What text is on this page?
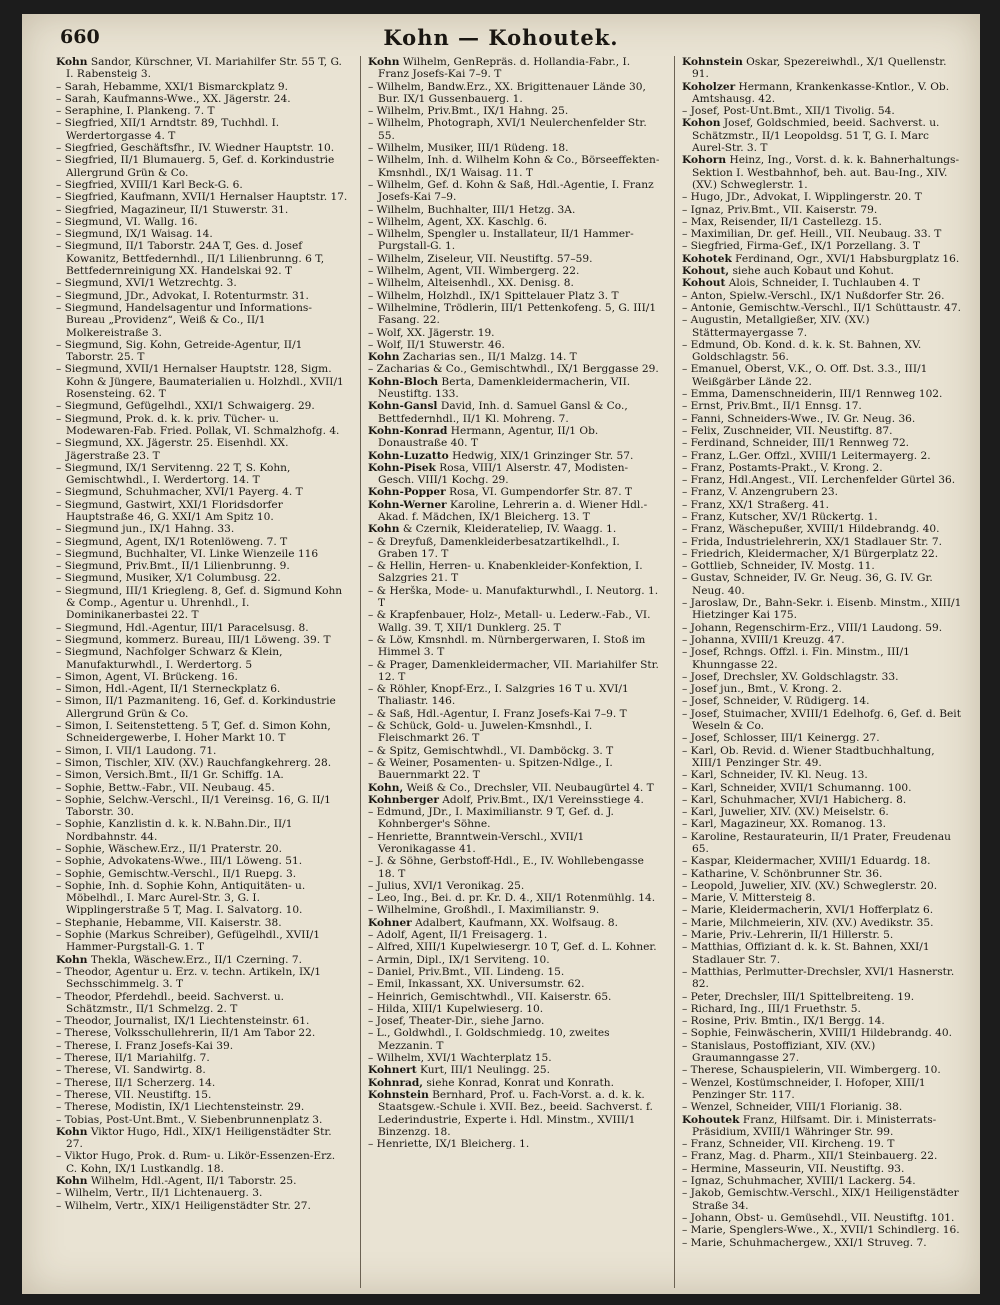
660	Kohn — Kohoutek.

Kohn Sandor, Kürschner, VI. Mariahilfer Str. 55 T, G. I. Rabensteig 3.

– Sarah, Hebamme, XXI/1 Bismarckplatz 9.

– Sarah, Kaufmanns-Wwe., XX. Jägerstr. 24.

– Seraphine, I. Plankeng. 7. T

– Siegfried, XII/1 Arndtstr. 89, Tuchhdl. I. Werdertorgasse 4. T

– Siegfried, Geschäftsfhr., IV. Wiedner Hauptstr. 10.

– Siegfried, II/1 Blumauerg. 5, Gef. d. Korkindustrie Allergrund Grün & Co.

– Siegfried, XVIII/1 Karl Beck-G. 6.

– Siegfried, Kaufmann, XVII/1 Hernalser Hauptstr. 17.

– Siegfried, Magazineur, II/1 Stuwerstr. 31.

– Siegmund, VI. Wallg. 16.

– Siegmund, IX/1 Waisag. 14.

– Siegmund, II/1 Taborstr. 24A T, Ges. d. Josef Kowanitz, Bettfedernhdl., II/1 Lilienbrunng. 6 T, Bettfedernreinigung XX. Handelskai 92. T

– Siegmund, XVI/1 Wetzrechtg. 3.

– Siegmund, JDr., Advokat, I. Rotenturmstr. 31.

– Siegmund, Handelsagentur und Informations-Bureau „Providenz“, Weiß & Co., II/1 Molkereistraße 3.

– Siegmund, Sig. Kohn, Getreide-Agentur, II/1 Taborstr. 25. T

– Siegmund, XVII/1 Hernalser Hauptstr. 128, Sigm. Kohn & Jüngere, Baumaterialien u. Holzhdl., XVII/1 Rosensteing. 62. T

– Siegmund, Gefügelhdl., XXI/1 Schwaigerg. 29.

– Siegmund, Prok. d. k. k. priv. Tücher- u. Modewaren-Fab. Fried. Pollak, VI. Schmalzhofg. 4.

– Siegmund, XX. Jägerstr. 25. Eisenhdl. XX. Jägerstraße 23. T

– Siegmund, IX/1 Servitenng. 22 T, S. Kohn, Gemischtwhdl., I. Werdertorg. 14. T

– Siegmund, Schuhmacher, XVI/1 Payerg. 4. T

– Siegmund, Gastwirt, XXI/1 Floridsdorfer Hauptstraße 46, G. XXI/1 Am Spitz 10.

– Siegmund jun., IX/1 Hahng. 33.

– Siegmund, Agent, IX/1 Rotenlöweng. 7. T

– Siegmund, Buchhalter, VI. Linke Wienzeile 116

– Siegmund, Priv.Bmt., II/1 Lilienbrunng. 9.

– Siegmund, Musiker, X/1 Columbusg. 22.

– Siegmund, III/1 Kriegleng. 8, Gef. d. Sigmund Kohn & Comp., Agentur u. Uhrenhdl., I. Dominikanerbastei 22. T

– Siegmund, Hdl.-Agentur, III/1 Paracelsusg. 8.

– Siegmund, kommerz. Bureau, III/1 Löweng. 39. T

– Siegmund, Nachfolger Schwarz & Klein, Manufakturwhdl., I. Werdertorg. 5

– Simon, Agent, VI. Brückeng. 16.

– Simon, Hdl.-Agent, II/1 Sterneckplatz 6.

– Simon, II/1 Pazmaniteng. 16, Gef. d. Korkindustrie Allergrund Grün & Co.

– Simon, I. Seitenstetteng. 5 T, Gef. d. Simon Kohn, Schneidergewerbe, I. Hoher Markt 10. T

– Simon, I. VII/1 Laudong. 71.

– Simon, Tischler, XIV. (XV.) Rauchfangkehrerg. 28.

– Simon, Versich.Bmt., II/1 Gr. Schiffg. 1A.

– Sophie, Bettw.-Fabr., VII. Neubaug. 45.

– Sophie, Selchw.-Verschl., II/1 Vereinsg. 16, G. II/1 Taborstr. 30.

– Sophie, Kanzlistin d. k. k. N.Bahn.Dir., II/1 Nordbahnstr. 44.

– Sophie, Wäschew.Erz., II/1 Praterstr. 20.

– Sophie, Advokatens-Wwe., III/1 Löweng. 51.

– Sophie, Gemischtw.-Verschl., II/1 Ruepg. 3.

– Sophie, Inh. d. Sophie Kohn, Antiquitäten- u. Möbelhdl., I. Marc Aurel-Str. 3, G. I. Wipplingerstraße 5 T, Mag. I. Salvatorg. 10.

– Stephanie, Hebamme, VII. Kaiserstr. 38.

– Sophie (Markus Schreiber), Gefügelhdl., XVII/1 Hammer-Purgstall-G. 1. T

Kohn Thekla, Wäschew.Erz., II/1 Czerning. 7.

– Theodor, Agentur u. Erz. v. techn. Artikeln, IX/1 Sechsschimmelg. 3. T

– Theodor, Pferdehdl., beeid. Sachverst. u. Schätzmstr., II/1 Schmelzg. 2. T

– Theodor, Journalist, IX/1 Liechtensteinstr. 61.

– Therese, Volksschullehrerin, II/1 Am Tabor 22.

– Therese, I. Franz Josefs-Kai 39.

– Therese, II/1 Mariahilfg. 7.

– Therese, VI. Sandwirtg. 8.

– Therese, II/1 Scherzerg. 14.

– Therese, VII. Neustiftg. 15.

– Therese, Modistin, IX/1 Liechtensteinstr. 29.

– Tobias, Post-Unt.Bmt., V. Siebenbrunnenplatz 3.

Kohn Viktor Hugo, Hdl., XIX/1 Heiligenstädter Str. 27.

– Viktor Hugo, Prok. d. Rum- u. Likör-Essenzen-Erz. C. Kohn, IX/1 Lustkandlg. 18.

Kohn Wilhelm, Hdl.-Agent, II/1 Taborstr. 25.

– Wilhelm, Vertr., II/1 Lichtenauerg. 3.

– Wilhelm, Vertr., XIX/1 Heiligenstädter Str. 27.

Kohn Wilhelm, GenRepräs. d. Hollandia-Fabr., I. Franz Josefs-Kai 7–9. T

– Wilhelm, Bandw.Erz., XX. Brigittenauer Lände 30, Bur. IX/1 Gussenbauerg. 1.

– Wilhelm, Priv.Bmt., IX/1 Hahng. 25.

– Wilhelm, Photograph, XVI/1 Neulerchenfelder Str. 55.

– Wilhelm, Musiker, III/1 Rüdeng. 18.

– Wilhelm, Inh. d. Wilhelm Kohn & Co., Börseeffekten-Kmsnhdl., IX/1 Waisag. 11. T

– Wilhelm, Gef. d. Kohn & Saß, Hdl.-Agentie, I. Franz Josefs-Kai 7–9.

– Wilhelm, Buchhalter, III/1 Hetzg. 3A.

– Wilhelm, Agent, XX. Kaschlg. 6.

– Wilhelm, Spengler u. Installateur, II/1 Hammer-Purgstall-G. 1.

– Wilhelm, Ziseleur, VII. Neustiftg. 57–59.

– Wilhelm, Agent, VII. Wimbergerg. 22.

– Wilhelm, Alteisenhdl., XX. Denisg. 8.

– Wilhelm, Holzhdl., IX/1 Spittelauer Platz 3. T

– Wilhelmine, Trödlerin, III/1 Pettenkofeng. 5, G. III/1 Fasang. 22.

– Wolf, XX. Jägerstr. 19.

– Wolf, II/1 Stuwerstr. 46.

Kohn Zacharias sen., II/1 Malzg. 14. T

– Zacharias & Co., Gemischtwhdl., IX/1 Berggasse 29.

Kohn-Bloch Berta, Damenkleidermacherin, VII. Neustiftg. 133.

Kohn-Gansl David, Inh. d. Samuel Gansl & Co., Bettfedernhdl., II/1 Kl. Mohreng. 7.

Kohn-Konrad Hermann, Agentur, II/1 Ob. Donaustraße 40. T

Kohn-Luzatto Hedwig, XIX/1 Grinzinger Str. 57.

Kohn-Pisek Rosa, VIII/1 Alserstr. 47, Modisten-Gesch. VIII/1 Kochg. 29.

Kohn-Popper Rosa, VI. Gumpendorfer Str. 87. T

Kohn-Werner Karoline, Lehrerin a. d. Wiener Hdl.-Akad. f. Mädchen, IX/1 Bleicherg. 13. T

Kohn & Czernik, Kleiderateliер, IV. Waagg. 1.

– & Dreyfuß, Damenkleiderbesatzartikelhdl., I. Graben 17. T

– & Hellin, Herren- u. Knabenkleider-Konfektion, I. Salzgries 21. T

– & Herška, Mode- u. Manufakturwhdl., I. Neutorg. 1. T

– & Krapfenbauer, Holz-, Metall- u. Lederw.-Fab., VI. Wallg. 39. T, XII/1 Dunklerg. 25. T

– & Löw, Kmsnhdl. m. Nürnbergerwaren, I. Stoß im Himmel 3. T

– & Prager, Damenkleidermacher, VII. Mariahilfer Str. 12. T

– & Röhler, Knopf-Erz., I. Salzgries 16 T u. XVI/1 Thaliastr. 146.

– & Saß, Hdl.-Agentur, I. Franz Josefs-Kai 7–9. T

– & Schück, Gold- u. Juwelen-Kmsnhdl., I. Fleischmarkt 26. T

– & Spitz, Gemischtwhdl., VI. Damböckg. 3. T

– & Weiner, Posamenten- u. Spitzen-Ndlge., I. Bauernmarkt 22. T

Kohn, Weiß & Co., Drechsler, VII. Neubaugürtel 4. T

Kohnberger Adolf, Priv.Bmt., IX/1 Vereinsstiege 4.

– Edmund, JDr., I. Maximilianstr. 9 T, Gef. d. J. Kohnberger's Söhne.

– Henriette, Branntwein-Verschl., XVII/1 Veronikagasse 41.

– J. & Söhne, Gerbstoff-Hdl., E., IV. Wohllebengasse 18. T

– Julius, XVI/1 Veronikag. 25.

– Leo, Ing., Bei. d. pr. Kr. D. 4., XII/1 Rotenmühlg. 14.

– Wilhelmine, Großhdl., I. Maximilianstr. 9.

Kohner Adalbert, Kaufmann, XX. Wolfsaug. 8.

– Adolf, Agent, II/1 Freisagerg. 1.

– Alfred, XIII/1 Kupelwiesergr. 10 T, Gef. d. L. Kohner.

– Armin, Dipl., IX/1 Serviteng. 10.

– Daniel, Priv.Bmt., VII. Lindeng. 15.

– Emil, Inkassant, XX. Universumstr. 62.

– Heinrich, Gemischtwhdl., VII. Kaiserstr. 65.

– Hilda, XIII/1 Kupelwieserg. 10.

– Josef, Theater-Dir., siehe Jarno.

– L., Goldwhdl., I. Goldschmiedg. 10, zweites Mezzanin. T

– Wilhelm, XVI/1 Wachterplatz 15.

Kohnert Kurt, III/1 Neulingg. 25.

Kohnrad, siehe Konrad, Konrat und Konrath.

Kohnstein Bernhard, Prof. u. Fach-Vorst. a. d. k. k. Staatsgew.-Schule i. XVII. Bez., beeid. Sachverst. f. Lederindustrie, Experte i. Hdl. Minstm., XVIII/1 Binzenzg. 18.

– Henriette, IX/1 Bleicherg. 1.

Kohnstein Oskar, Spezereiwhdl., X/1 Quellenstr. 91.

Koholzer Hermann, Krankenkasse-Kntlor., V. Ob. Amtshausg. 42.

– Josef, Post-Unt.Bmt., XII/1 Tivolig. 54.

Kohon Josef, Goldschmied, beeid. Sachverst. u. Schätzmstr., II/1 Leopoldsg. 51 T, G. I. Marc Aurel-Str. 3. T

Kohorn Heinz, Ing., Vorst. d. k. k. Bahnerhaltungs-Sektion I. Westbahnhof, beh. aut. Bau-Ing., XIV. (XV.) Schweglerstr. 1.

– Hugo, JDr., Advokat, I. Wipplingerstr. 20. T

– Ignaz, Priv.Bmt., VII. Kaiserstr. 79.

– Max, Reisender, II/1 Castellezg. 15.

– Maximilian, Dr. gef. Heill., VII. Neubaug. 33. T

– Siegfried, Firma-Gef., IX/1 Porzellang. 3. T

Kohotek Ferdinand, Ogr., XVI/1 Habsburgplatz 16.

Kohout, siehe auch Kobaut und Kohut.

Kohout Alois, Schneider, I. Tuchlauben 4. T

– Anton, Spielw.-Verschl., IX/1 Nußdorfer Str. 26.

– Antonie, Gemischtw.-Verschl., II/1 Schüttaustr. 47.

– Augustin, Metallgießer, XIV. (XV.) Stättermayergasse 7.

– Edmund, Ob. Kond. d. k. k. St. Bahnen, XV. Goldschlagstr. 56.

– Emanuel, Oberst, V.K., O. Off. Dst. 3.3., III/1 Weißgärber Lände 22.

– Emma, Damenschneiderin, III/1 Rennweg 102.

– Ernst, Priv.Bmt., II/1 Ennsg. 17.

– Fanni, Schneiders-Wwe., IV. Gr. Neug. 36.

– Felix, Zuschneider, VII. Neustiftg. 87.

– Ferdinand, Schneider, III/1 Rennweg 72.

– Franz, L.Ger. Offzl., XVIII/1 Leitermayerg. 2.

– Franz, Postamts-Prakt., V. Krong. 2.

– Franz, Hdl.Angest., VII. Lerchenfelder Gürtel 36.

– Franz, V. Anzengrubern 23.

– Franz, XX/1 Straßerg. 41.

– Franz, Kutscher, XV/1 Rückertg. 1.

– Franz, Wäschepußer, XVIII/1 Hildebrandg. 40.

– Frida, Industrielehrerin, XX/1 Stadlauer Str. 7.

– Friedrich, Kleidermacher, X/1 Bürgerplatz 22.

– Gottlieb, Schneider, IV. Mostg. 11.

– Gustav, Schneider, IV. Gr. Neug. 36, G. IV. Gr. Neug. 40.

– Jaroslaw, Dr., Bahn-Sekr. i. Eisenb. Minstm., XIII/1 Hietzinger Kai 175.

– Johann, Regenschirm-Erz., VIII/1 Laudong. 59.

– Johanna, XVIII/1 Kreuzg. 47.

– Josef, Rchngs. Offzl. i. Fin. Minstm., III/1 Khunngasse 22.

– Josef, Drechsler, XV. Goldschlagstr. 33.

– Josef jun., Bmt., V. Krong. 2.

– Josef, Schneider, V. Rüdigerg. 14.

– Josef, Stuimacher, XVIII/1 Edelhofg. 6, Gef. d. Beit Weseln & Co.

– Josef, Schlosser, III/1 Keinergg. 27.

– Karl, Ob. Revid. d. Wiener Stadtbuchhaltung, XIII/1 Penzinger Str. 49.

– Karl, Schneider, IV. Kl. Neug. 13.

– Karl, Schneider, XVII/1 Schumanng. 100.

– Karl, Schuhmacher, XVI/1 Habicherg. 8.

– Karl, Juwelier, XIV. (XV.) Meiselstr. 6.

– Karl, Magazineur, XX. Romanog. 13.

– Karoline, Restaurateurin, II/1 Prater, Freudenau 65.

– Kaspar, Kleidermacher, XVIII/1 Eduardg. 18.

– Katharine, V. Schönbrunner Str. 36.

– Leopold, Juwelier, XIV. (XV.) Schweglerstr. 20.

– Marie, V. Mittersteig 8.

– Marie, Kleidermacherin, XVI/1 Hofferplatz 6.

– Marie, Milchmeierin, XIV. (XV.) Avedikstr. 35.

– Marie, Priv.-Lehrerin, II/1 Hillerstr. 5.

– Matthias, Offiziant d. k. k. St. Bahnen, XXI/1 Stadlauer Str. 7.

– Matthias, Perlmutter-Drechsler, XVI/1 Hasnerstr. 82.

– Peter, Drechsler, III/1 Spittelbreiteng. 19.

– Richard, Ing., III/1 Fruethstr. 5.

– Rosine, Priv. Bmtin., IX/1 Bergg. 14.

– Sophie, Feinwäscherin, XVIII/1 Hildebrandg. 40.

– Stanislaus, Postoffiziant, XIV. (XV.) Graumanngasse 27.

– Therese, Schauspielerin, VII. Wimbergerg. 10.

– Wenzel, Kostümschneider, I. Hofoper, XIII/1 Penzinger Str. 117.

– Wenzel, Schneider, VIII/1 Florianig. 38.

Kohoutek Franz, Hilfsamt. Dir. i. Ministerrats-Präsidium, XVIII/1 Währinger Str. 99.

– Franz, Schneider, VII. Kircheng. 19. T

– Franz, Mag. d. Pharm., XII/1 Steinbauerg. 22.

– Hermine, Masseurin, VII. Neustiftg. 93.

– Ignaz, Schuhmacher, XVIII/1 Lackerg. 54.

– Jakob, Gemischtw.-Verschl., XIX/1 Heiligenstädter Straße 34.

– Johann, Obst- u. Gemüsehdl., VII. Neustiftg. 101.

– Marie, Spenglers-Wwe., X., XVII/1 Schindlerg. 16.

– Marie, Schuhmachergew., XXI/1 Struveg. 7.
